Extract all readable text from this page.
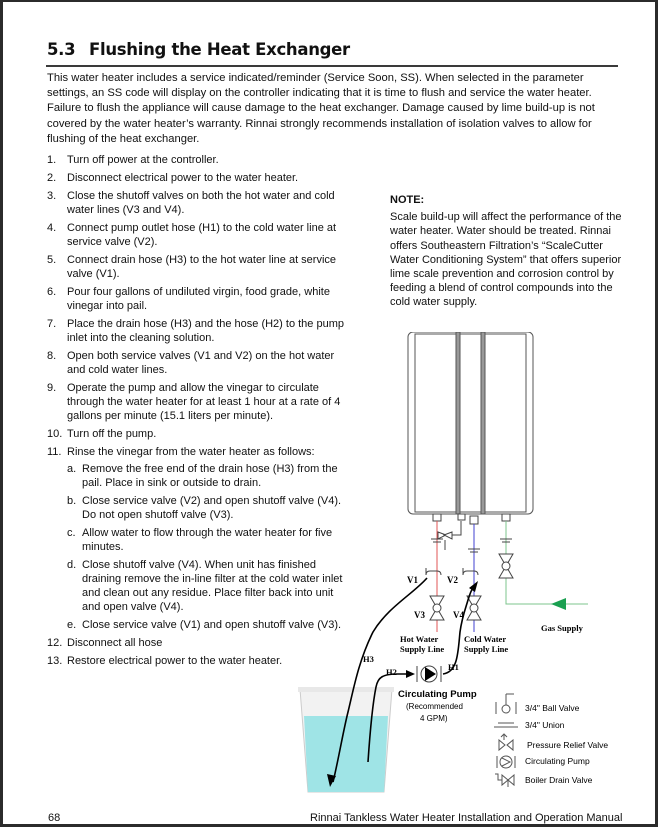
5.3 Flushing the Heat Exchanger
This water heater includes a service indicated/reminder (Service Soon, SS). When selected in the parameter settings, an SS code will display on the controller indicating that it is time to flush and service the water heater. Failure to flush the appliance will cause damage to the heat exchanger. Damage caused by lime build-up is not covered by the water heater’s warranty. Rinnai strongly recommends installation of isolation valves to allow for flushing of the heat exchanger.
1. Turn off power at the controller.
2. Disconnect electrical power to the water heater.
3. Close the shutoff valves on both the hot water and cold water lines (V3 and V4).
4. Connect pump outlet hose (H1) to the cold water line at service valve (V2).
5. Connect drain hose (H3) to the hot water line at service valve (V1).
6. Pour four gallons of undiluted virgin, food grade, white vinegar into pail.
7. Place the drain hose (H3) and the hose (H2) to the pump inlet into the cleaning solution.
8. Open both service valves (V1 and V2) on the hot water and cold water lines.
9. Operate the pump and allow the vinegar to circulate through the water heater for at least 1 hour at a rate of 4 gallons per minute (15.1 liters per minute).
10. Turn off the pump.
11. Rinse the vinegar from the water heater as follows:
a. Remove the free end of the drain hose (H3) from the pail. Place in sink or outside to drain.
b. Close service valve (V2) and open shutoff valve (V4). Do not open shutoff valve (V3).
c. Allow water to flow through the water heater for five minutes.
d. Close shutoff valve (V4). When unit has finished draining remove the in-line filter at the cold water inlet and clean out any residue. Place filter back into unit and open valve (V4).
e. Close service valve (V1) and open shutoff valve (V3).
12. Disconnect all hose
13. Restore electrical power to the water heater.
NOTE:
Scale build-up will affect the performance of the water heater. Water should be treated. Rinnai offers Southeastern Filtration’s “ScaleCutter Water Conditioning System” that offers superior lime scale prevention and corrosion control by feeding a blend of control compounds into the cold water supply.
V1	V2
V3	V4
Hot Water
Supply Line
Cold Water
Supply Line
Gas Supply
H3
H2	H1
Circulating Pump
(Recommended
4 GPM)
3/4" Ball Valve
3/4" Union
Pressure Relief Valve
Circulating Pump
Boiler Drain Valve
68	Rinnai Tankless Water Heater Installation and Operation Manual
